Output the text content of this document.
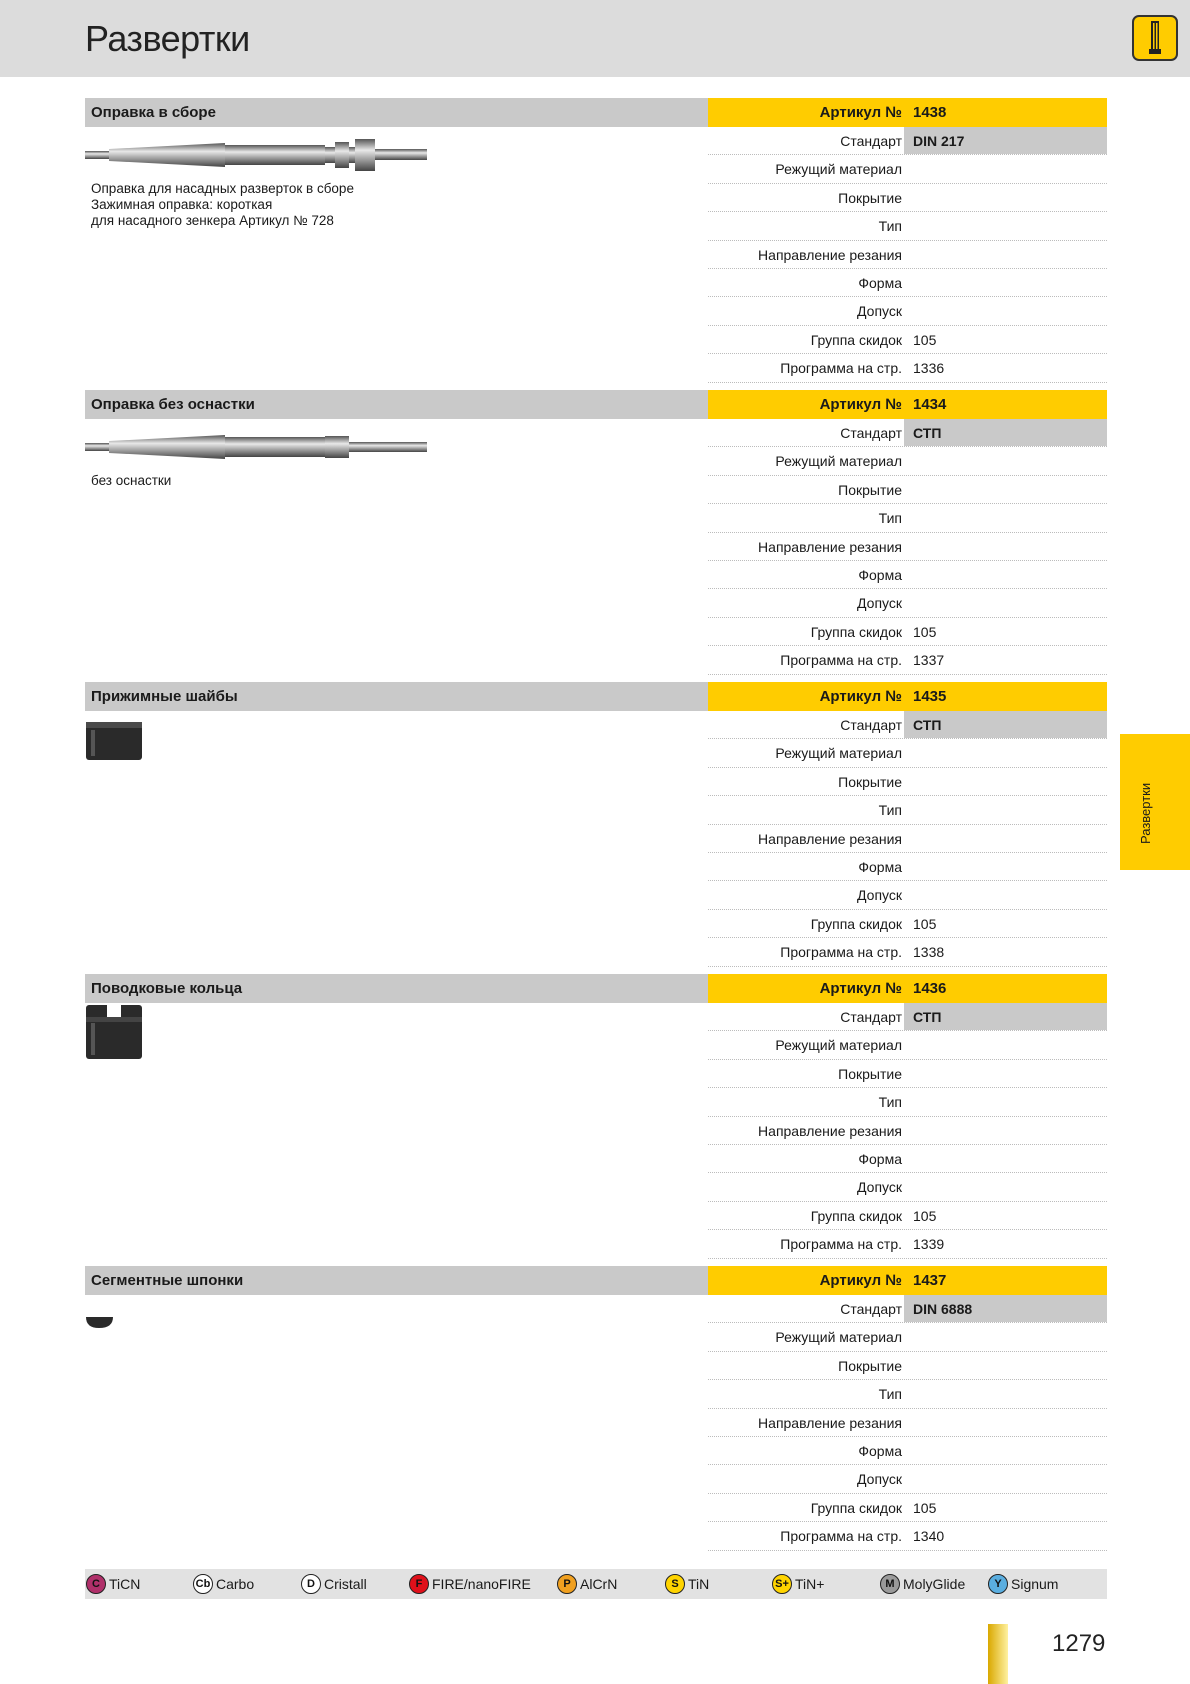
Развертки
Оправка в сборе	Артикул № 1438
Оправка для насадных разверток в сборе
Зажимная оправка: короткая
для насадного зенкера Артикул № 728
Стандарт DIN 217
Режущий материал
Покрытие
Тип
Направление резания
Форма
Допуск
Группа скидок 105
Программа на стр. 1336
Оправка без оснастки	Артикул № 1434
без оснастки
Стандарт СТП
Режущий материал
Покрытие
Тип
Направление резания
Форма
Допуск
Группа скидок 105
Программа на стр. 1337
Прижимные шайбы	Артикул № 1435
Стандарт СТП
Режущий материал
Покрытие
Тип
Направление резания
Форма
Допуск
Группа скидок 105
Программа на стр. 1338
Поводковые кольца	Артикул № 1436
Стандарт СТП
Режущий материал
Покрытие
Тип
Направление резания
Форма
Допуск
Группа скидок 105
Программа на стр. 1339
Сегментные шпонки	Артикул № 1437
Стандарт DIN 6888
Режущий материал
Покрытие
Тип
Направление резания
Форма
Допуск
Группа скидок 105
Программа на стр. 1340
C TiCN	Cb Carbo	D Cristall	F FIRE/nanoFIRE	P AlCrN	S TiN	S+ TiN+	M MolyGlide	Y Signum
Развертки
1279
